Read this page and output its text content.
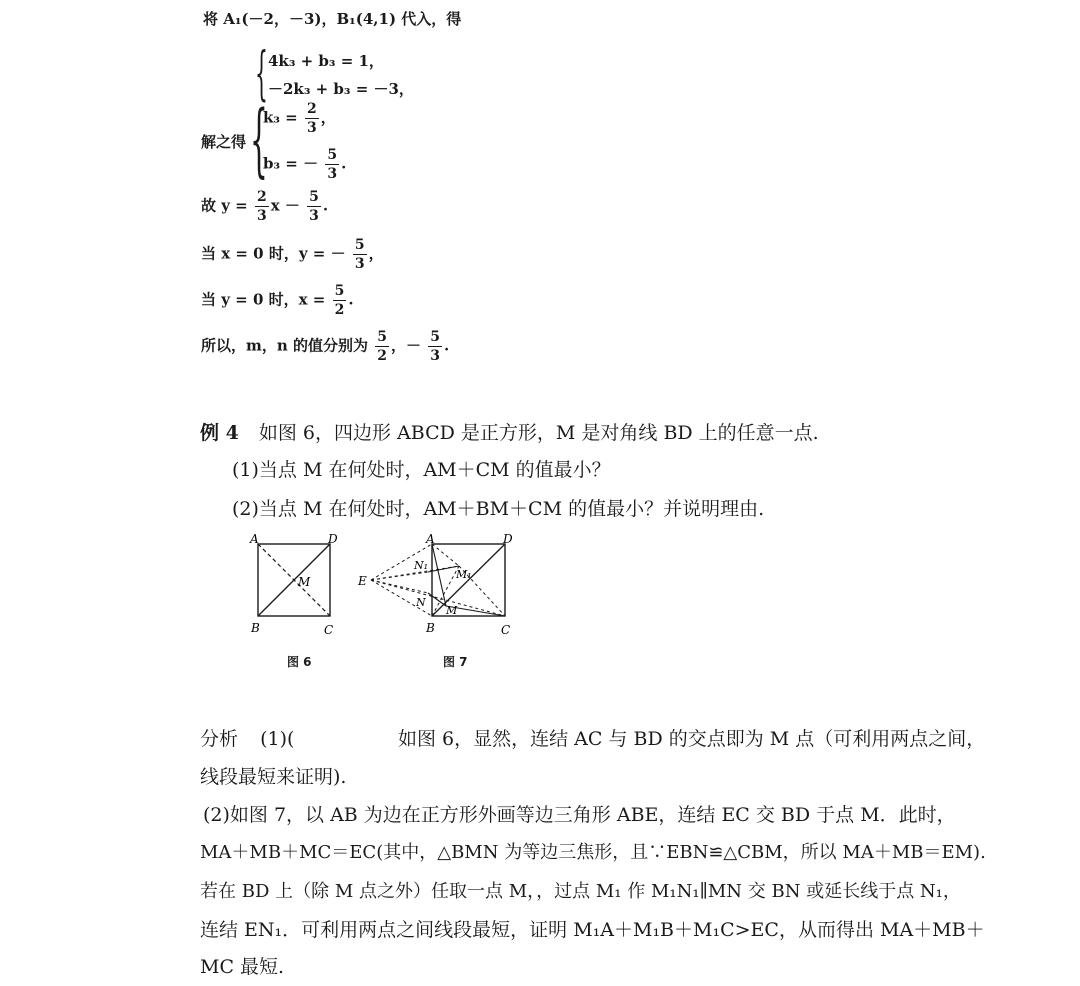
将 A₁(－2，－3)，B₁(4,1) 代入，得
{ 4k₃ + b₃ = 1，
－2k₃ + b₃ = －3，
解之得 {
$k_3 = \frac{2}{3}$ ，
b₃ = － $\frac{5}{3}$ .
故 $y = \frac{2}{3}$ $x - \frac{5}{3}$ .
当 x = 0 时，y = － $\frac{5}{3}$ ，
当 y = 0 时，$x = \frac{5}{2}$ .
所以，m，n 的值分别为 $\frac{5}{2}$ ，－ $\frac{5}{3}$ .
例 4 如图 6，四边形 ABCD 是正方形，M 是对角线 BD 上的任意一点.
(1)当点 M 在何处时，AM＋CM 的值最小？
(2)当点 M 在何处时，AM＋BM＋CM 的值最小？并说明理由.
A	D
B	C
M
图 6
A	D
B	C
E
M
M₁
N
N₁
图 7
分析 (1)(	如图 6，显然，连结 AC 与 BD 的交点即为 M 点（可利用两点之间，
线段最短来证明).
(2)如图 7，以 AB 为边在正方形外画等边三角形 ABE，连结 EC 交 BD 于点 M．此时，
MA＋MB＋MC＝EC(其中，△BMN 为等边三焦形，且∵EBN≌△CBM，所以 MA＋MB＝EM).
若在 BD 上（除 M 点之外）任取一点 M，，过点 M₁ 作 M₁N₁∥MN 交 BN 或延长线于点 N₁，
连结 EN₁．可利用两点之间线段最短，证明 M₁A＋M₁B＋M₁C>EC，从而得出 MA＋MB＋
MC 最短.
